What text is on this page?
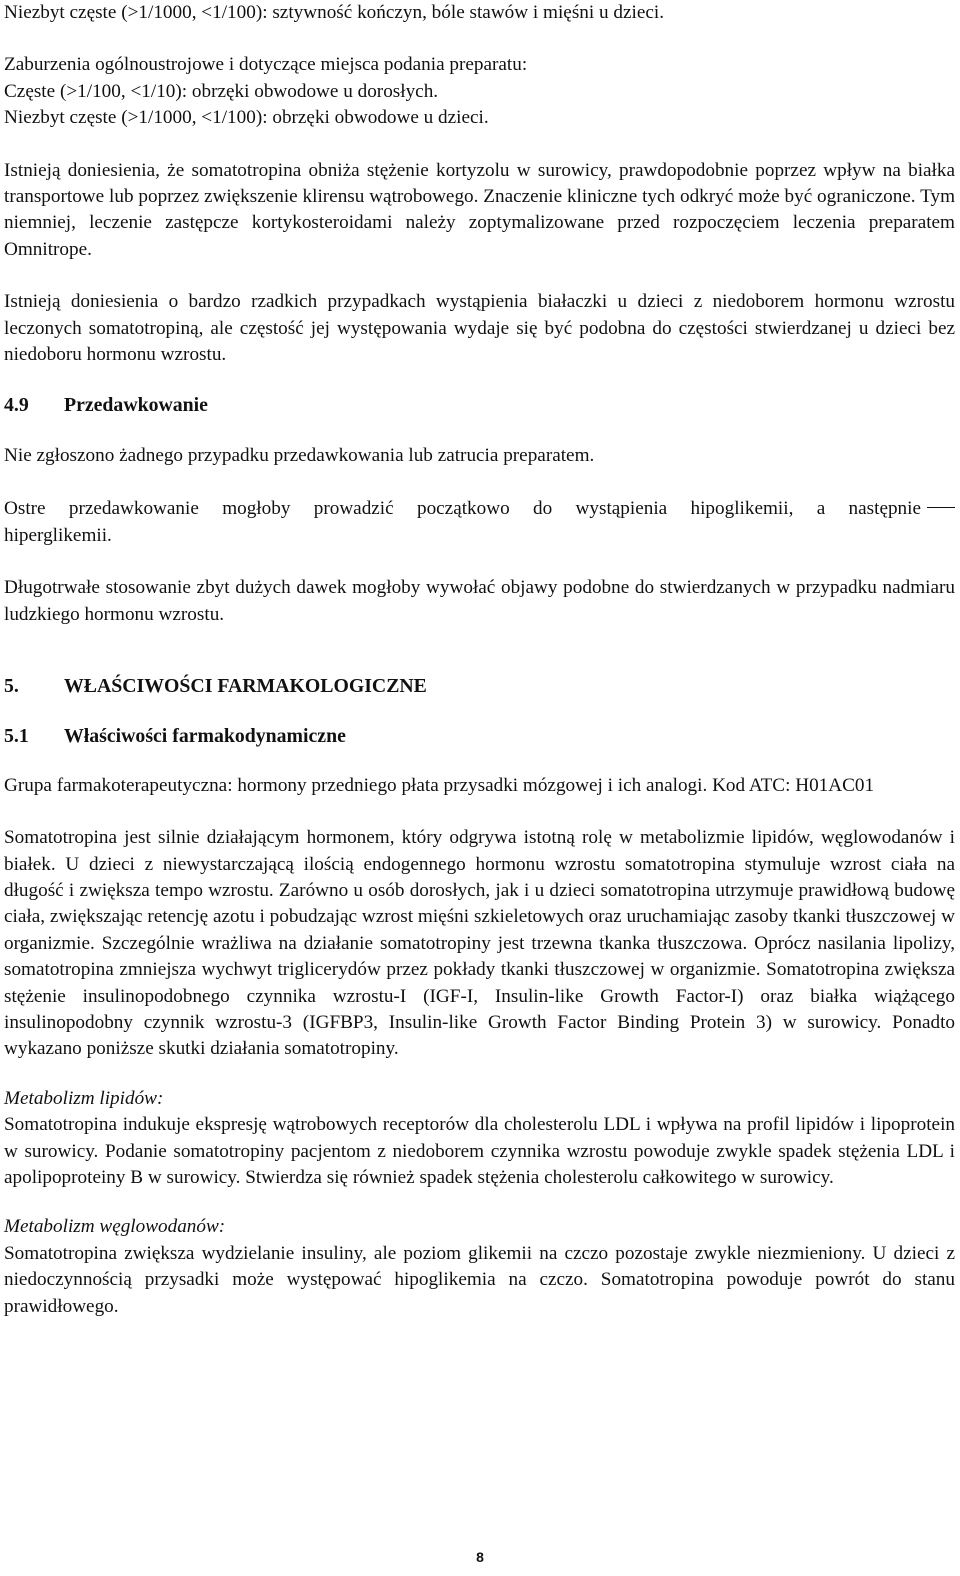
Niezbyt częste (>1/1000, <1/100): sztywność kończyn, bóle stawów i mięśni u dzieci.

Zaburzenia ogólnoustrojowe i dotyczące miejsca podania preparatu:

Częste (>1/100, <1/10): obrzęki obwodowe u dorosłych.

Niezbyt częste (>1/1000, <1/100): obrzęki obwodowe u dzieci.

Istnieją doniesienia, że somatotropina obniża stężenie kortyzolu w surowicy, prawdopodobnie poprzez wpływ na białka transportowe lub poprzez zwiększenie klirensu wątrobowego. Znaczenie kliniczne tych odkryć może być ograniczone. Tym niemniej, leczenie zastępcze kortykosteroidami należy zoptymalizowane przed rozpoczęciem leczenia preparatem Omnitrope.

Istnieją doniesienia o bardzo rzadkich przypadkach wystąpienia białaczki u dzieci z niedoborem hormonu wzrostu leczonych somatotropiną, ale częstość jej występowania wydaje się być podobna do częstości stwierdzanej u dzieci bez niedoboru hormonu wzrostu.

4.9 Przedawkowanie

Nie zgłoszono żadnego przypadku przedawkowania lub zatrucia preparatem.

Ostre przedawkowanie mogłoby prowadzić początkowo do wystąpienia hipoglikemii, a następnie

hiperglikemii.

Długotrwałe stosowanie zbyt dużych dawek mogłoby wywołać objawy podobne do stwierdzanych w przypadku nadmiaru ludzkiego hormonu wzrostu.

5. WŁAŚCIWOŚCI FARMAKOLOGICZNE

5.1 Właściwości farmakodynamiczne

Grupa farmakoterapeutyczna: hormony przedniego płata przysadki mózgowej i ich analogi. Kod ATC: H01AC01

Somatotropina jest silnie działającym hormonem, który odgrywa istotną rolę w metabolizmie lipidów, węglowodanów i białek. U dzieci z niewystarczającą ilością endogennego hormonu wzrostu somatotropina stymuluje wzrost ciała na długość i zwiększa tempo wzrostu. Zarówno u osób dorosłych, jak i u dzieci somatotropina utrzymuje prawidłową budowę ciała, zwiększając retencję azotu i pobudzając wzrost mięśni szkieletowych oraz uruchamiając zasoby tkanki tłuszczowej w organizmie. Szczególnie wrażliwa na działanie somatotropiny jest trzewna tkanka tłuszczowa. Oprócz nasilania lipolizy, somatotropina zmniejsza wychwyt triglicerydów przez pokłady tkanki tłuszczowej w organizmie. Somatotropina zwiększa stężenie insulinopodobnego czynnika wzrostu-I (IGF-I, Insulin-like Growth Factor-I) oraz białka wiążącego insulinopodobny czynnik wzrostu-3 (IGFBP3, Insulin-like Growth Factor Binding Protein 3) w surowicy. Ponadto wykazano poniższe skutki działania somatotropiny.

Metabolizm lipidów:

Somatotropina indukuje ekspresję wątrobowych receptorów dla cholesterolu LDL i wpływa na profil lipidów i lipoprotein w surowicy. Podanie somatotropiny pacjentom z niedoborem czynnika wzrostu powoduje zwykle spadek stężenia LDL i apolipoproteiny B w surowicy. Stwierdza się również spadek stężenia cholesterolu całkowitego w surowicy.

Metabolizm węglowodanów:

Somatotropina zwiększa wydzielanie insuliny, ale poziom glikemii na czczo pozostaje zwykle niezmieniony. U dzieci z niedoczynnością przysadki może występować hipoglikemia na czczo. Somatotropina powoduje powrót do stanu prawidłowego.

8
